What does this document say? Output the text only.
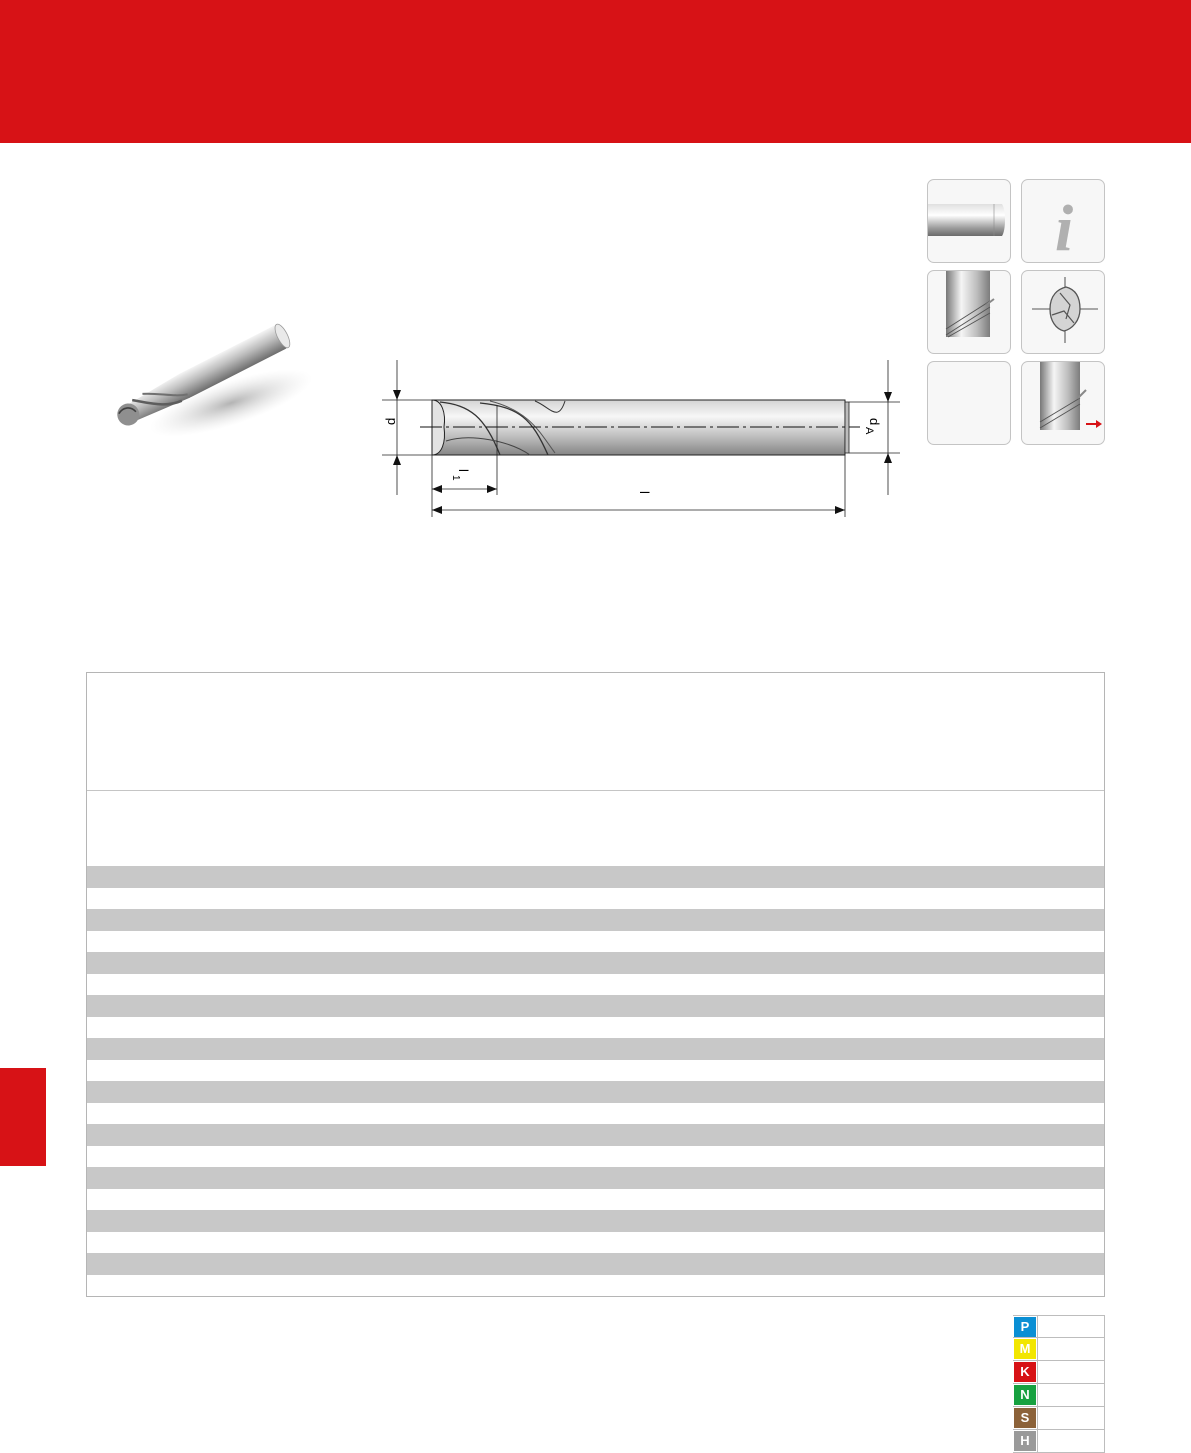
d	d
A
l
1
l
i
P
M
K
N
S
H
